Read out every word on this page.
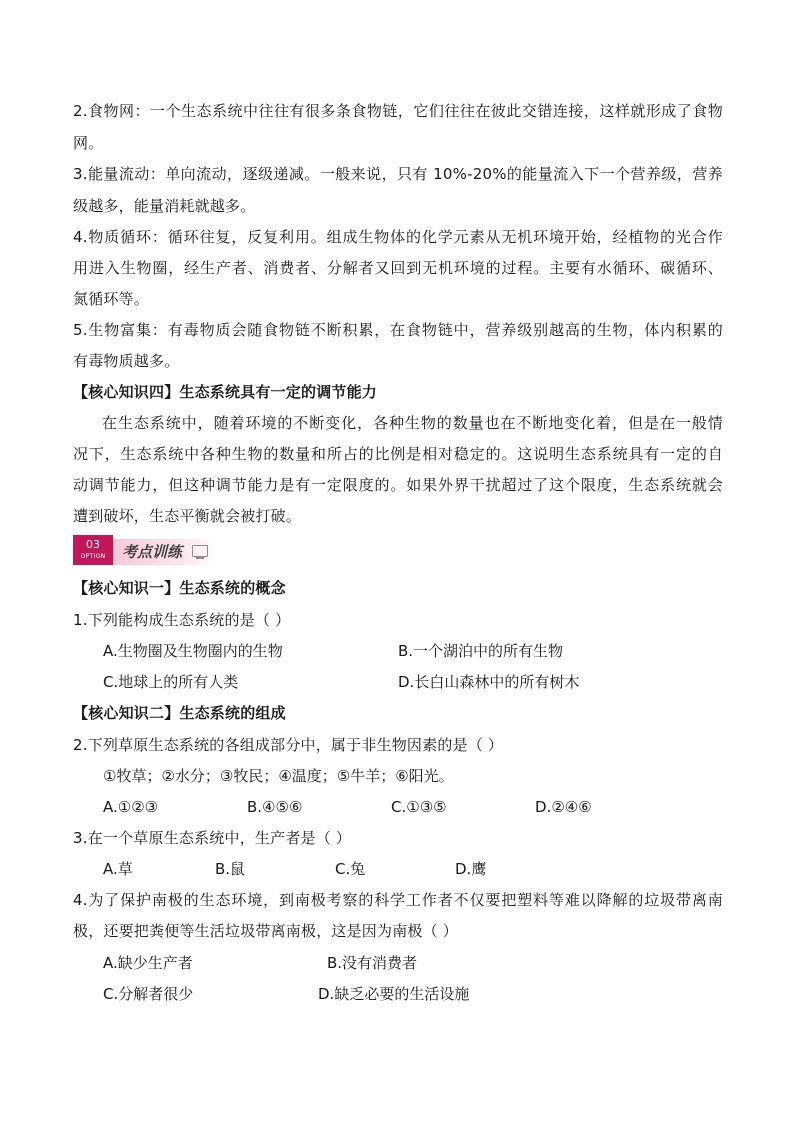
2.食物网：一个生态系统中往往有很多条食物链，它们往往在彼此交错连接，这样就形成了食物
网。
3.能量流动：单向流动，逐级递减。一般来说，只有 10%-20%的能量流入下一个营养级，营养
级越多，能量消耗就越多。
4.物质循环：循环往复，反复利用。组成生物体的化学元素从无机环境开始，经植物的光合作
用进入生物圈，经生产者、消费者、分解者又回到无机环境的过程。主要有水循环、碳循环、
氮循环等。
5.生物富集：有毒物质会随食物链不断积累，在食物链中，营养级别越高的生物，体内积累的
有毒物质越多。
【核心知识四】生态系统具有一定的调节能力
在生态系统中，随着环境的不断变化，各种生物的数量也在不断地变化着，但是在一般情
况下，生态系统中各种生物的数量和所占的比例是相对稳定的。这说明生态系统具有一定的自
动调节能力，但这种调节能力是有一定限度的。如果外界干扰超过了这个限度，生态系统就会
遭到破坏，生态平衡就会被打破。
03
OPTION	考点训练
【核心知识一】生态系统的概念
1.下列能构成生态系统的是（ ）
A.生物圈及生物圈内的生物	B.一个湖泊中的所有生物
C.地球上的所有人类	D.长白山森林中的所有树木
【核心知识二】生态系统的组成
2.下列草原生态系统的各组成部分中，属于非生物因素的是（ ）
①牧草；②水分；③牧民；④温度；⑤牛羊；⑥阳光。
A.①②③	B.④⑤⑥	C.①③⑤	D.②④⑥
3.在一个草原生态系统中，生产者是（ ）
A.草	B.鼠	C.兔	D.鹰
4.为了保护南极的生态环境，到南极考察的科学工作者不仅要把塑料等难以降解的垃圾带离南
极，还要把粪便等生活垃圾带离南极，这是因为南极（ ）
A.缺少生产者	B.没有消费者
C.分解者很少	D.缺乏必要的生活设施
